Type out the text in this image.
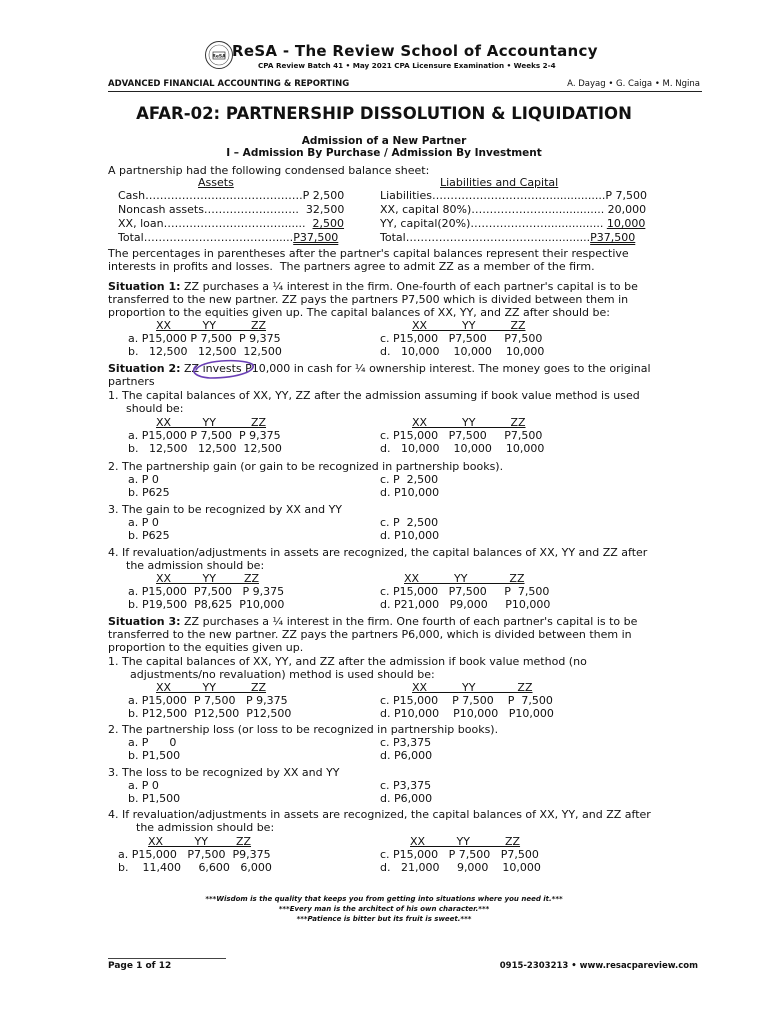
ReSA ReSA - The Review School of Accountancy
CPA Review Batch 41 • May 2021 CPA Licensure Examination • Weeks 2-4
ADVANCED FINANCIAL ACCOUNTING & REPORTING	A. Dayag • G. Caiga • M. Ngina
AFAR-02: PARTNERSHIP DISSOLUTION & LIQUIDATION
Admission of a New Partner
I – Admission By Purchase / Admission By Investment
A partnership had the following condensed balance sheet:
Assets	Liabilities and Capital
Cash…………………………………….P 2,500
Noncash assets……………………..  32,500
XX, loan……………………………......  2,500
Total……………………………….....P37,500
Liabilities……………………………...............P 7,500
XX, capital 80%)…………………................ 20,000
YY, capital(20%)…………………................ 10,000
Total………………………………...............P37,500
The percentages in parentheses after the partner's capital balances represent their respective
interests in profits and losses.  The partners agree to admit ZZ as a member of the firm.
Situation 1: ZZ purchases a ¼ interest in the firm. One-fourth of each partner's capital is to be
transferred to the new partner. ZZ pays the partners P7,500 which is divided between them in
proportion to the equities given up. The capital balances of XX, YY, and ZZ after should be:
XX         YY          ZZ	XX          YY          ZZ
a. P15,000 P 7,500  P 9,375	c. P15,000   P7,500     P7,500
b.   12,500   12,500  12,500	d.   10,000    10,000    10,000
Situation 2: ZZ invests P10,000 in cash for ¼ ownership interest. The money goes to the original
partners
1. The capital balances of XX, YY, ZZ after the admission assuming if book value method is used
should be:
XX         YY          ZZ	XX          YY          ZZ
a. P15,000 P 7,500  P 9,375	c. P15,000   P7,500     P7,500
b.   12,500   12,500  12,500	d.   10,000    10,000    10,000
2. The partnership gain (or gain to be recognized in partnership books).
a. P 0	c. P  2,500
b. P625	d. P10,000
3. The gain to be recognized by XX and YY
a. P 0	c. P  2,500
b. P625	d. P10,000
4. If revaluation/adjustments in assets are recognized, the capital balances of XX, YY and ZZ after
the admission should be:
XX         YY        ZZ	XX          YY            ZZ
a. P15,000  P7,500   P 9,375	c. P15,000   P7,500     P  7,500
b. P19,500  P8,625  P10,000	d. P21,000   P9,000     P10,000
Situation 3: ZZ purchases a ¼ interest in the firm. One fourth of each partner's capital is to be
transferred to the new partner. ZZ pays the partners P6,000, which is divided between them in
proportion to the equities given up.
1. The capital balances of XX, YY, and ZZ after the admission if book value method (no
adjustments/no revaluation) method is used should be:
XX         YY          ZZ	XX          YY            ZZ
a. P15,000  P 7,500   P 9,375	c. P15,000    P 7,500    P  7,500
b. P12,500  P12,500  P12,500	d. P10,000    P10,000   P10,000
2. The partnership loss (or loss to be recognized in partnership books).
a. P      0	c. P3,375
b. P1,500	d. P6,000
3. The loss to be recognized by XX and YY
a. P 0	c. P3,375
b. P1,500	d. P6,000
4. If revaluation/adjustments in assets are recognized, the capital balances of XX, YY, and ZZ after
the admission should be:
XX         YY        ZZ	XX         YY          ZZ
a. P15,000   P7,500  P9,375	c. P15,000   P 7,500   P7,500
b.    11,400     6,600   6,000	d.   21,000     9,000    10,000
***Wisdom is the quality that keeps you from getting into situations where you need it.***
***Every man is the architect of his own character.***
***Patience is bitter but its fruit is sweet.***
Page 1 of 12	0915-2303213 • www.resacpareview.com
